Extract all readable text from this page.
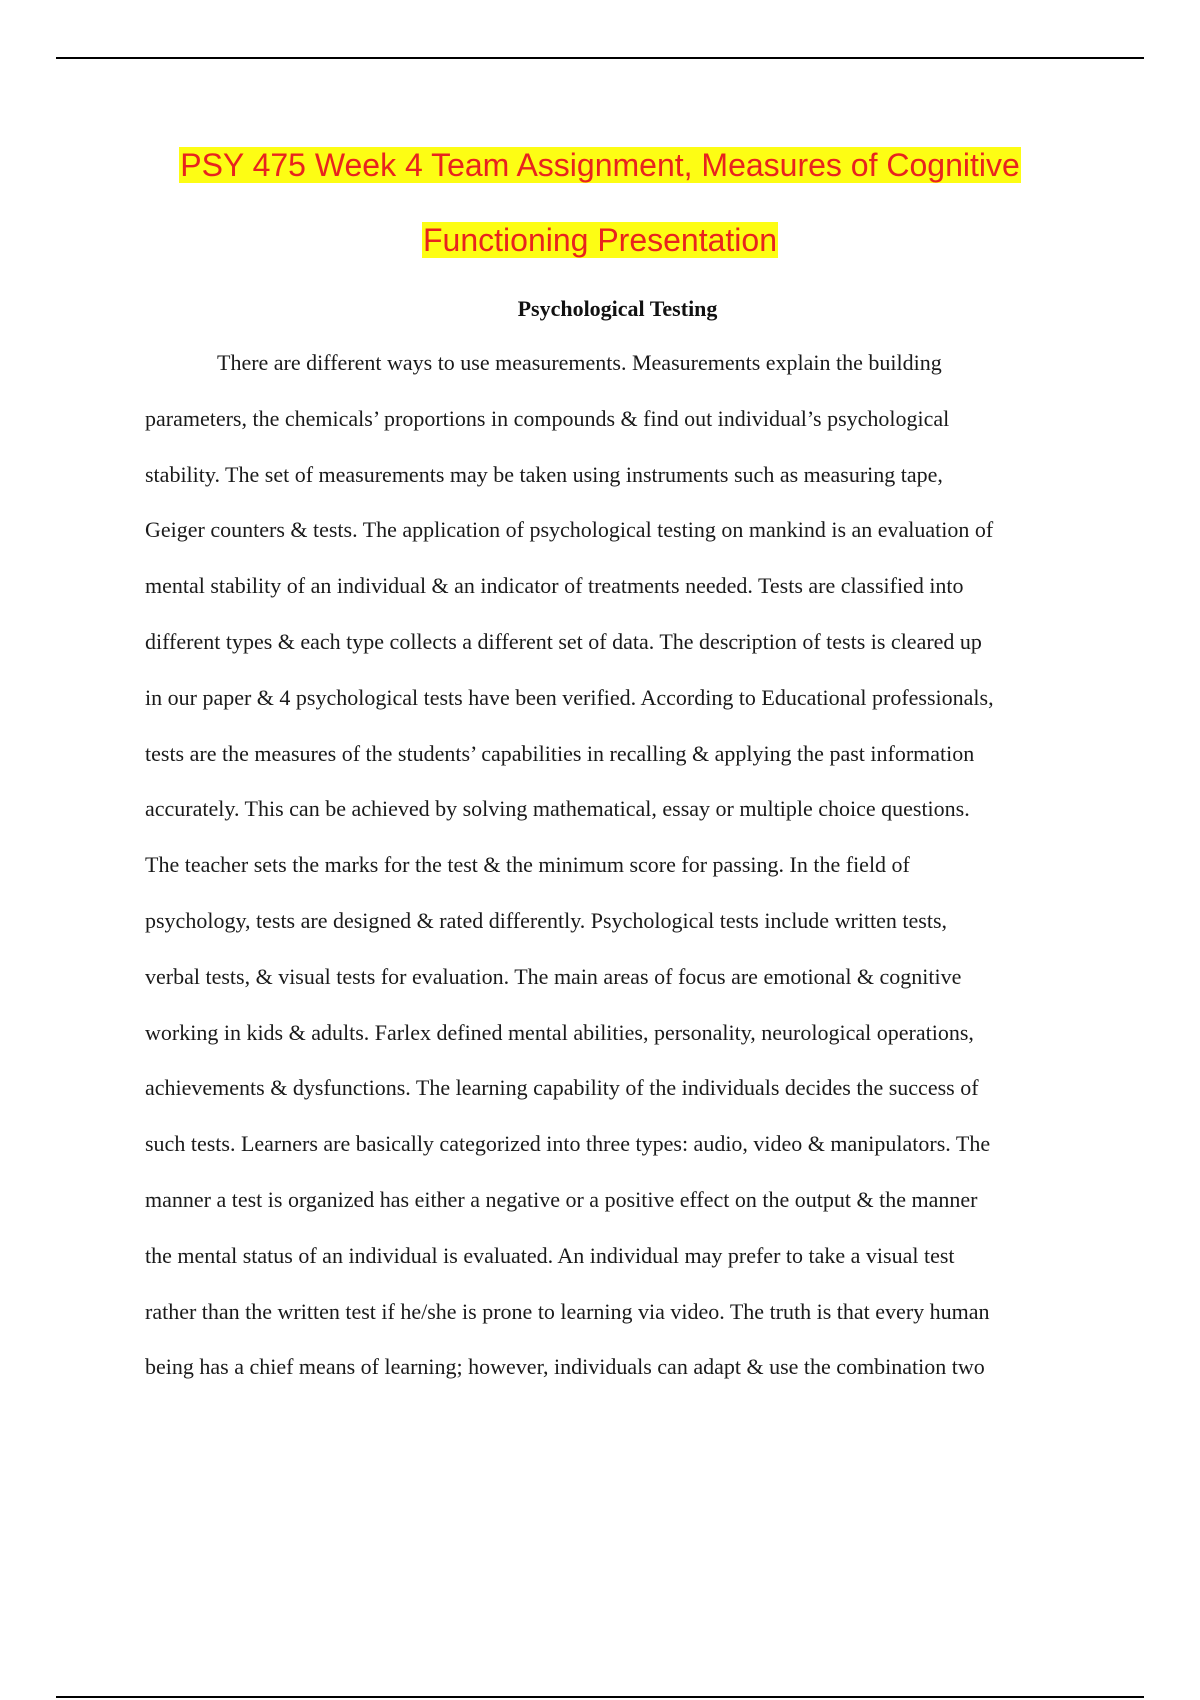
PSY 475 Week 4 Team Assignment, Measures of Cognitive
Functioning Presentation
Psychological Testing
There are different ways to use measurements. Measurements explain the building
parameters, the chemicals’ proportions in compounds & find out individual’s psychological
stability. The set of measurements may be taken using instruments such as measuring tape,
Geiger counters & tests. The application of psychological testing on mankind is an evaluation of
mental stability of an individual & an indicator of treatments needed. Tests are classified into
different types & each type collects a different set of data. The description of tests is cleared up
in our paper & 4 psychological tests have been verified. According to Educational professionals,
tests are the measures of the students’ capabilities in recalling & applying the past information
accurately. This can be achieved by solving mathematical, essay or multiple choice questions.
The teacher sets the marks for the test & the minimum score for passing. In the field of
psychology, tests are designed & rated differently. Psychological tests include written tests,
verbal tests, & visual tests for evaluation. The main areas of focus are emotional & cognitive
working in kids & adults. Farlex defined mental abilities, personality, neurological operations,
achievements & dysfunctions. The learning capability of the individuals decides the success of
such tests. Learners are basically categorized into three types: audio, video & manipulators. The
manner a test is organized has either a negative or a positive effect on the output & the manner
the mental status of an individual is evaluated. An individual may prefer to take a visual test
rather than the written test if he/she is prone to learning via video. The truth is that every human
being has a chief means of learning; however, individuals can adapt & use the combination two
